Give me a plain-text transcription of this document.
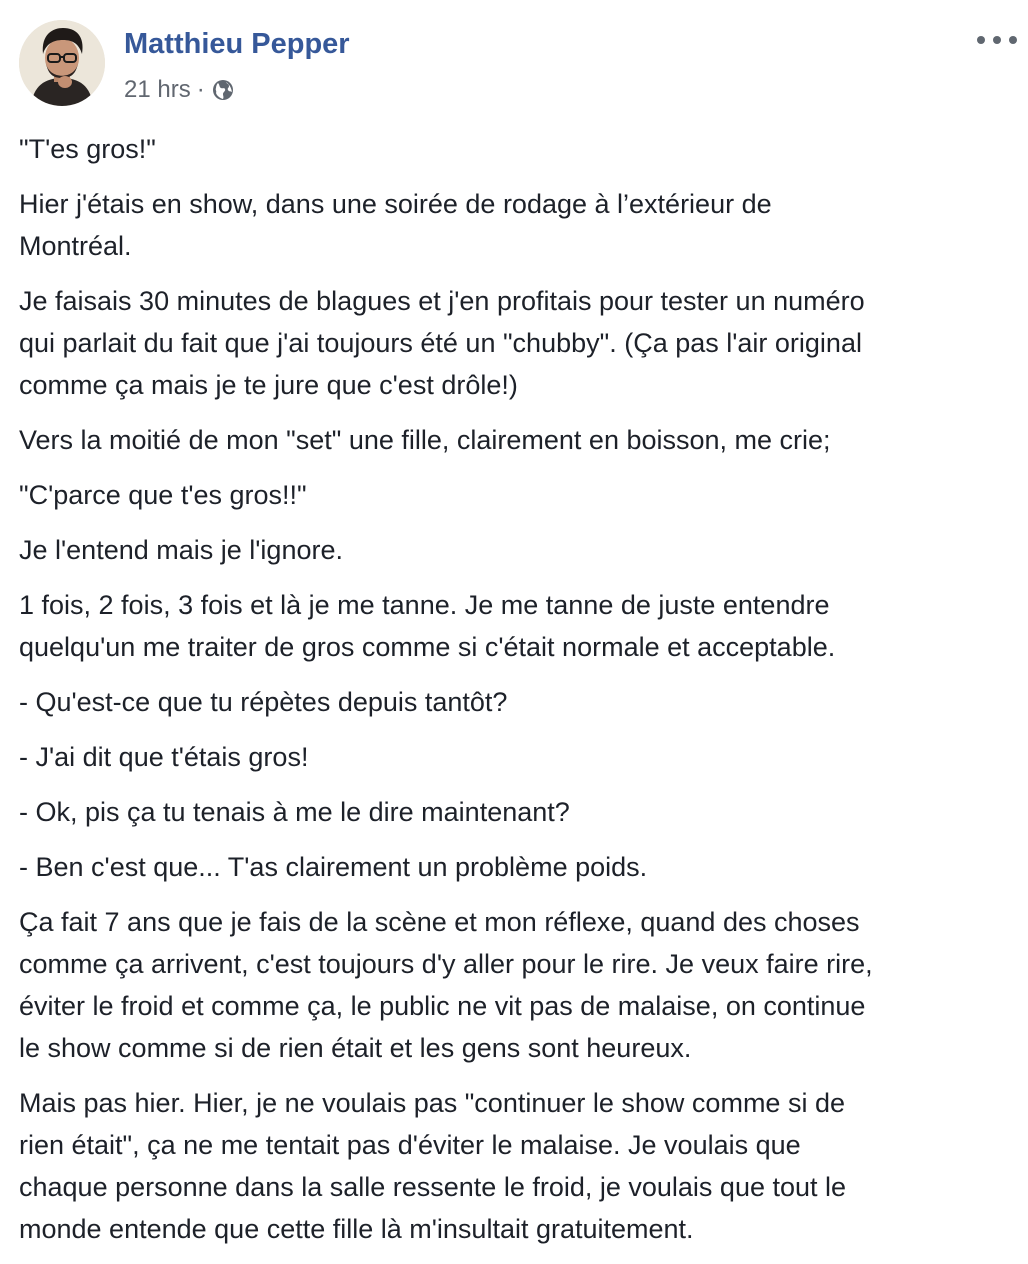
Matthieu Pepper
21 hrs ·

"T'es gros!"

Hier j'étais en show, dans une soirée de rodage à l’extérieur de
Montréal.

Je faisais 30 minutes de blagues et j'en profitais pour tester un numéro
qui parlait du fait que j'ai toujours été un "chubby". (Ça pas l'air original
comme ça mais je te jure que c'est drôle!)

Vers la moitié de mon "set" une fille, clairement en boisson, me crie;

"C'parce que t'es gros!!"

Je l'entend mais je l'ignore.

1 fois, 2 fois, 3 fois et là je me tanne. Je me tanne de juste entendre
quelqu'un me traiter de gros comme si c'était normale et acceptable.

- Qu'est-ce que tu répètes depuis tantôt?

- J'ai dit que t'étais gros!

- Ok, pis ça tu tenais à me le dire maintenant?

- Ben c'est que... T'as clairement un problème poids.

Ça fait 7 ans que je fais de la scène et mon réflexe, quand des choses
comme ça arrivent, c'est toujours d'y aller pour le rire. Je veux faire rire,
éviter le froid et comme ça, le public ne vit pas de malaise, on continue
le show comme si de rien était et les gens sont heureux.

Mais pas hier. Hier, je ne voulais pas "continuer le show comme si de
rien était", ça ne me tentait pas d'éviter le malaise. Je voulais que
chaque personne dans la salle ressente le froid, je voulais que tout le
monde entende que cette fille là m'insultait gratuitement.
